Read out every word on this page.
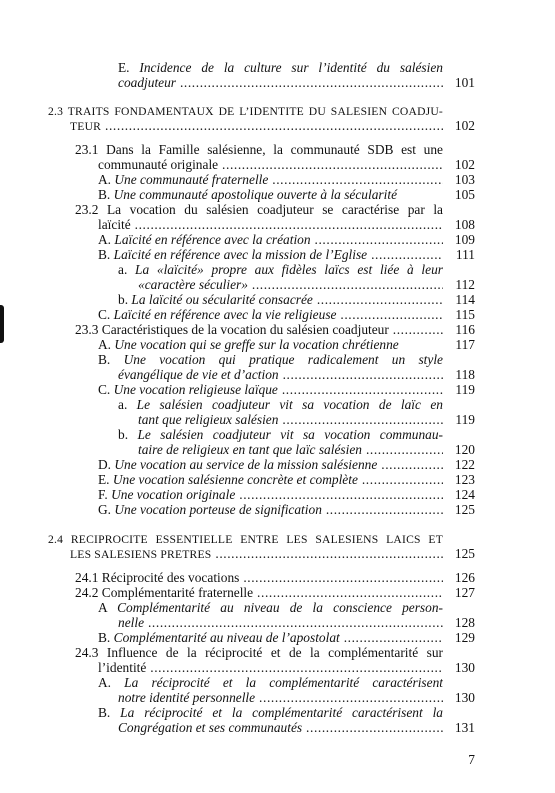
E. Incidence de la culture sur l’identité du salésien
coadjuteur .....	101
2.3 TRAITS FONDAMENTAUX DE L’IDENTITE DU SALESIEN COADJU-
TEUR .....	102
23.1 Dans la Famille salésienne, la communauté SDB est une
communauté originale .....	102
A. Une communauté fraternelle .....	103
B. Une communauté apostolique ouverte à la sécularité	105
23.2 La vocation du salésien coadjuteur se caractérise par la
laïcité .....	108
A. Laïcité en référence avec la création .....	109
B. Laïcité en référence avec la mission de l’Eglise .....	111
a. La «laïcité» propre aux fidèles laïcs est liée à leur
«caractère séculier» .....	112
b. La laïcité ou sécularité consacrée .....	114
C. Laïcité en référence avec la vie religieuse .....	115
23.3 Caractéristiques de la vocation du salésien coadjuteur .....	116
A. Une vocation qui se greffe sur la vocation chrétienne	117
B. Une vocation qui pratique radicalement un style
évangélique de vie et d’action .....	118
C. Une vocation religieuse laïque .....	119
a. Le salésien coadjuteur vit sa vocation de laïc en
tant que religieux salésien .....	119
b. Le salésien coadjuteur vit sa vocation communau-
taire de religieux en tant que laïc salésien .....	120
D. Une vocation au service de la mission salésienne .....	122
E. Une vocation salésienne concrète et complète .....	123
F. Une vocation originale .....	124
G. Une vocation porteuse de signification .....	125
2.4 RECIPROCITE ESSENTIELLE ENTRE LES SALESIENS LAICS ET
LES SALESIENS PRETRES .....	125
24.1 Réciprocité des vocations .....	126
24.2 Complémentarité fraternelle .....	127
A Complémentarité au niveau de la conscience person-
nelle .....	128
B. Complémentarité au niveau de l’apostolat .....	129
24.3 Influence de la réciprocité et de la complémentarité sur
l’identité .....	130
A. La réciprocité et la complémentarité caractérisent
notre identité personnelle .....	130
B. La réciprocité et la complémentarité caractérisent la
Congrégation et ses communautés .....	131
7
